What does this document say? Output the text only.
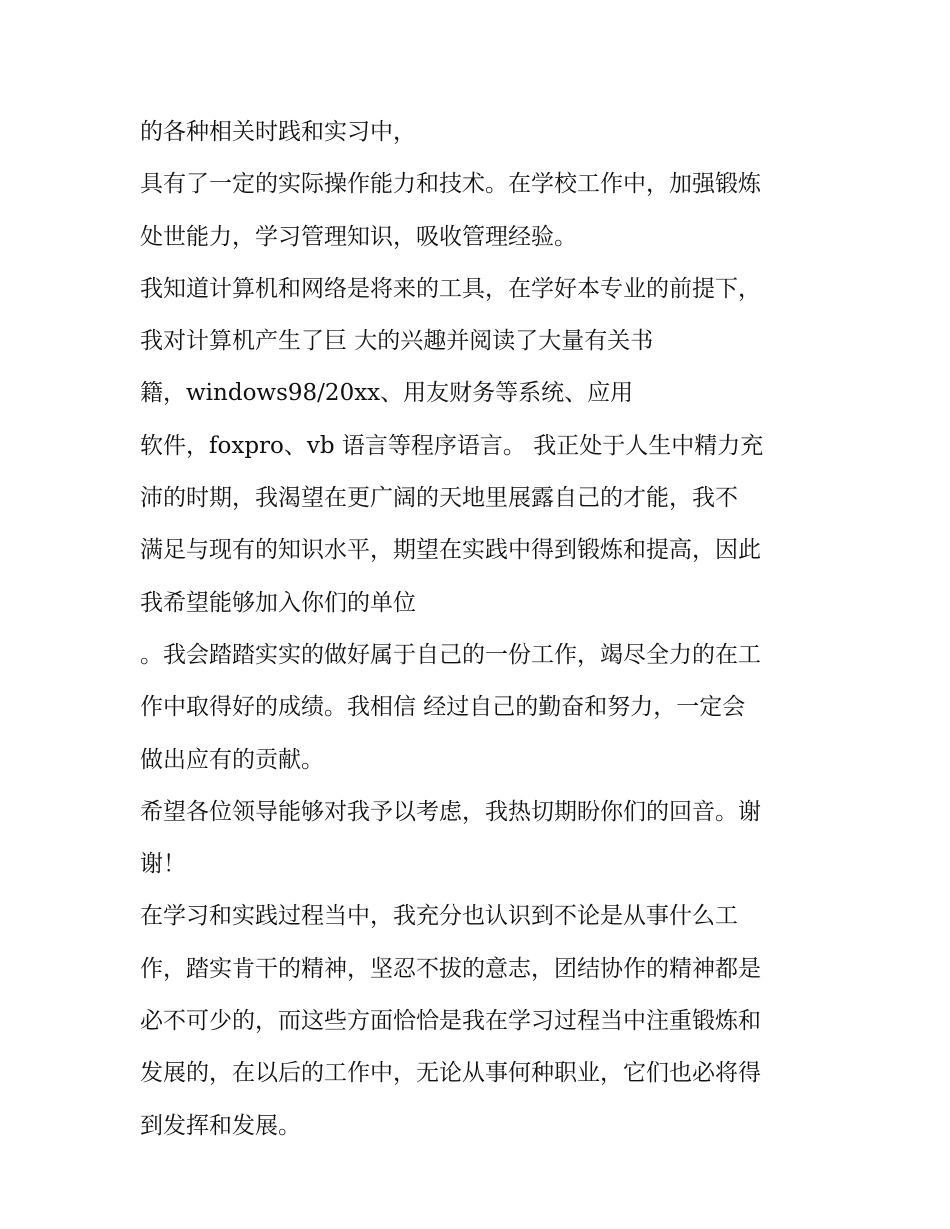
的各种相关时践和实习中，
具有了一定的实际操作能力和技术。在学校工作中，加强锻炼
处世能力，学习管理知识，吸收管理经验。
我知道计算机和网络是将来的工具，在学好本专业的前提下，
我对计算机产生了巨 大的兴趣并阅读了大量有关书
籍，windows98/20xx、用友财务等系统、应用
软件，foxpro、vb 语言等程序语言。 我正处于人生中精力充
沛的时期，我渴望在更广阔的天地里展露自己的才能，我不
满足与现有的知识水平，期望在实践中得到锻炼和提高，因此
我希望能够加入你们的单位
。我会踏踏实实的做好属于自己的一份工作，竭尽全力的在工
作中取得好的成绩。我相信 经过自己的勤奋和努力，一定会
做出应有的贡献。
希望各位领导能够对我予以考虑，我热切期盼你们的回音。谢
谢！
在学习和实践过程当中，我充分也认识到不论是从事什么工
作，踏实肯干的精神，坚忍不拔的意志，团结协作的精神都是
必不可少的，而这些方面恰恰是我在学习过程当中注重锻炼和
发展的，在以后的工作中，无论从事何种职业，它们也必将得
到发挥和发展。
